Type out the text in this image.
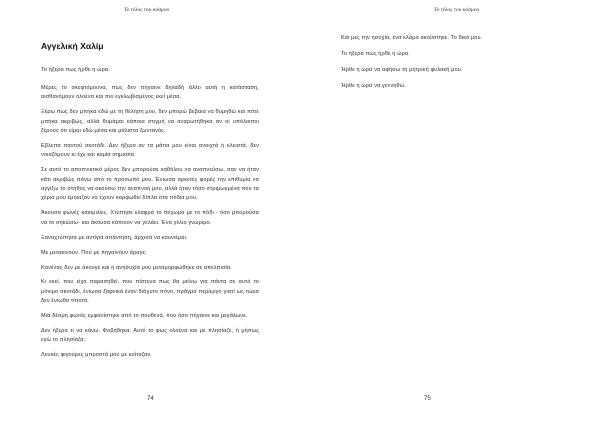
Το τέλος του κόσμου
Αγγελική Χαλίμ

Το ήξερα πως ήρθε η ώρα.

Μέρες το σκεφτόμουνα, πως δεν πήγαινε δηλαδή άλλο αυτή η κατάσταση, αισθανόμουν ολοένα και πιο εγκλωβισμένος εκεί μέσα.

Ξέρω πως δεν μπήκα εδώ με τη θέληση μου, δεν μπορώ βέβαια να θυμηθώ και πότε μπήκα ακριβώς, αλλά θυμάμαι κάποια στιγμή να αναρωτήθηκα αν οι υπόλοιποι ξέρουν ότι είμαι εδώ μέσα και μάλιστα ζωντανός.

Εβλεπα παντού σκοτάδι. Δεν ήξερα αν τα μάτια μου είναι ανοιχτά ή κλειστά, δεν νοιαζόμουν κι έχε και καμία σημασία.

Σε αυτό το αποπνικτικό μέρος δεν μπορούσε καθόλου να αναπνεύσω, σαν να ήταν κάτι ακριβώς πάνω από το πρόσωπο μου. Ένιωσα αρκετές φορές την επιθυμία να αγγίξω το στήθος να ακούσω την αναπνοή μου, αλλά ήταν τόσο στριμωγμένα που τα χέρια μου έμοιαζαν να έχουν καρφωθεί δίπλα στα πόδια μου.

Άκουσα φωνές καιομιλίες. Χτύπησε ελαφρά το τοίχωμα με το πόδι - όσο μπορούσα να το σηκώσω- και άκουσα κάποιον να γελάει. Ένα γέλιο γνώριμο.

Ξαναχτύπησα με αντίγια απάντηση, άρχισα να κουνιέμαι.

Με μετακινούν. Πού με πηγαίνουν άραγε;

Κανένας δεν με άκουγε και η ανησυχία μου μεταμορφώθηκε σε απελπισία.

Κι εκεί, που είχα παραιτηθεί, που πίστευα πως θα μείνω για πάντα σε αυτό το μόνιμο σκοτάδι, ένιωσα ξαφνικά έναν διάχυτο πόνο, πράγμα περίεργο γιατί ως τώρα δεν ένιωθα τίποτα.

Μια δέσμη φωτός εμφανίστηκε από το πουθενά, που όσο πήγαινε και μεγάλωνε.

Δεν ήξερα τι να κάνω. Φοβήθηκα. Αυτό το φως ολοένα και με πλησίαζε, ή μήπως εγώ το πλησίαζα;

Λευκές φιγούρες μπροστά μου με κοίταζαν.

74
Το τέλος του κόσμου

Και μες την ησυχία, ένα κλάμα ακούστηκε. Το δικό μου.

Το ήξερα πως ήρθε η ώρα.

Ήρθε η ώρα να αφήσω τη μητρική φυλακή μου.

Ήρθε η ώρα να γεννηθώ.

75
